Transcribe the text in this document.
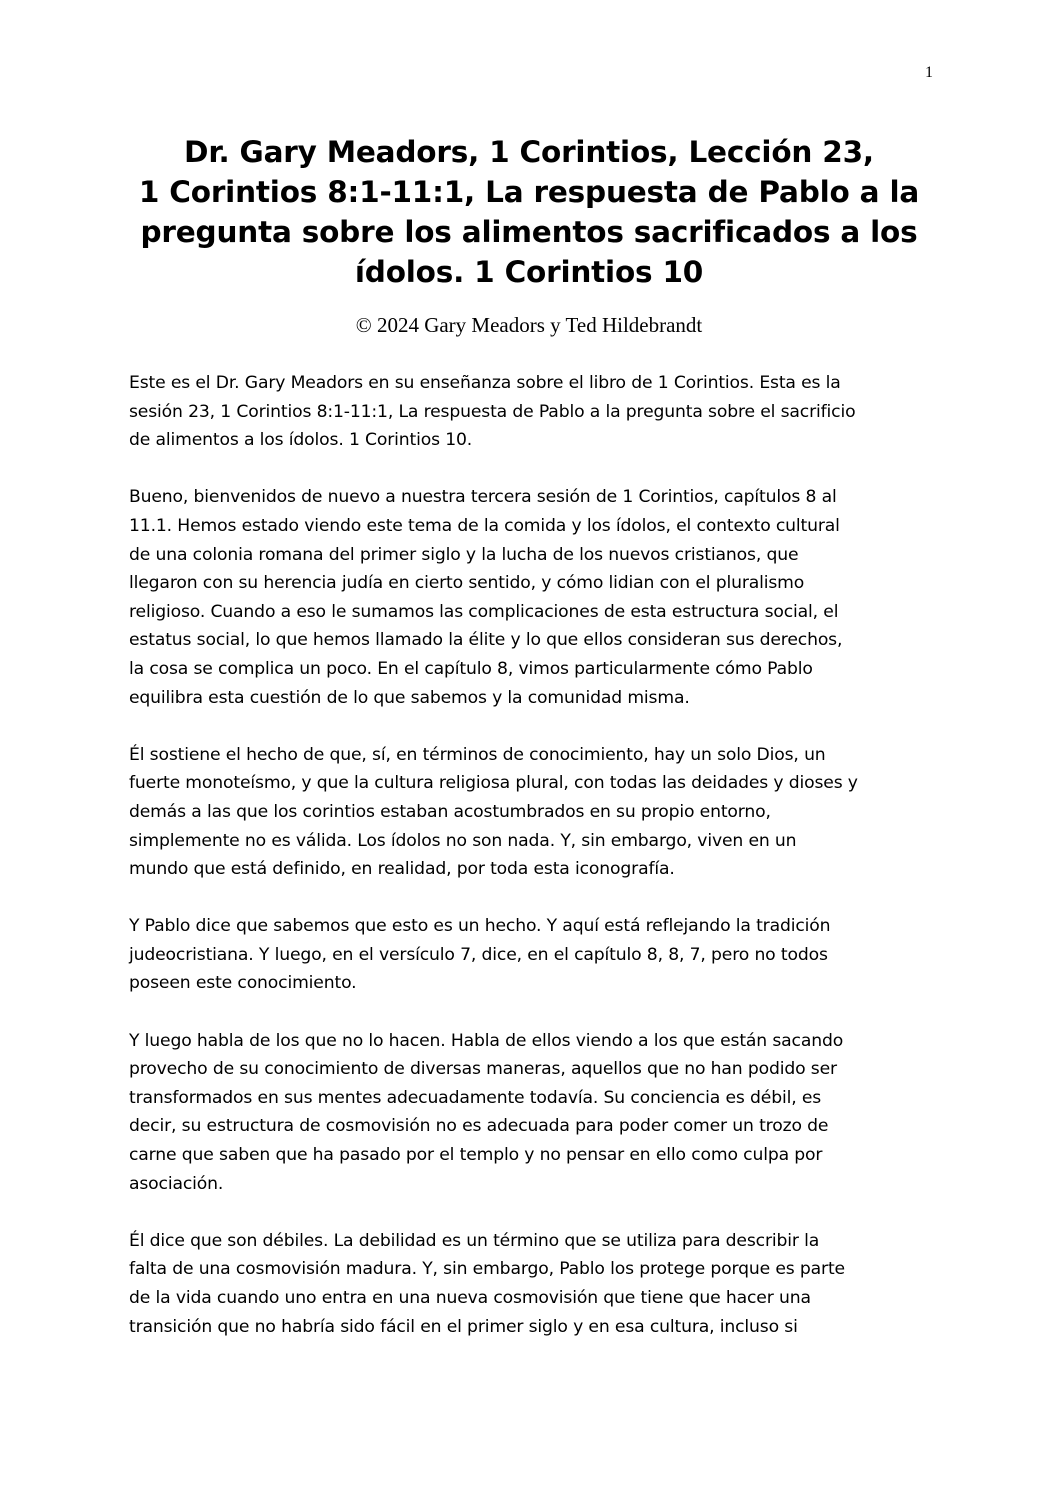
1
Dr. Gary Meadors, 1 Corintios, Lección 23,
1 Corintios 8:1-11:1, La respuesta de Pablo a la
pregunta sobre los alimentos sacrificados a los
ídolos. 1 Corintios 10
© 2024 Gary Meadors y Ted Hildebrandt

Este es el Dr. Gary Meadors en su enseñanza sobre el libro de 1 Corintios. Esta es la
sesión 23, 1 Corintios 8:1-11:1, La respuesta de Pablo a la pregunta sobre el sacrificio
de alimentos a los ídolos. 1 Corintios 10.

Bueno, bienvenidos de nuevo a nuestra tercera sesión de 1 Corintios, capítulos 8 al
11.1. Hemos estado viendo este tema de la comida y los ídolos, el contexto cultural
de una colonia romana del primer siglo y la lucha de los nuevos cristianos, que
llegaron con su herencia judía en cierto sentido, y cómo lidian con el pluralismo
religioso. Cuando a eso le sumamos las complicaciones de esta estructura social, el
estatus social, lo que hemos llamado la élite y lo que ellos consideran sus derechos,
la cosa se complica un poco. En el capítulo 8, vimos particularmente cómo Pablo
equilibra esta cuestión de lo que sabemos y la comunidad misma.

Él sostiene el hecho de que, sí, en términos de conocimiento, hay un solo Dios, un
fuerte monoteísmo, y que la cultura religiosa plural, con todas las deidades y dioses y
demás a las que los corintios estaban acostumbrados en su propio entorno,
simplemente no es válida. Los ídolos no son nada. Y, sin embargo, viven en un
mundo que está definido, en realidad, por toda esta iconografía.

Y Pablo dice que sabemos que esto es un hecho. Y aquí está reflejando la tradición
judeocristiana. Y luego, en el versículo 7, dice, en el capítulo 8, 8, 7, pero no todos
poseen este conocimiento.

Y luego habla de los que no lo hacen. Habla de ellos viendo a los que están sacando
provecho de su conocimiento de diversas maneras, aquellos que no han podido ser
transformados en sus mentes adecuadamente todavía. Su conciencia es débil, es
decir, su estructura de cosmovisión no es adecuada para poder comer un trozo de
carne que saben que ha pasado por el templo y no pensar en ello como culpa por
asociación.

Él dice que son débiles. La debilidad es un término que se utiliza para describir la
falta de una cosmovisión madura. Y, sin embargo, Pablo los protege porque es parte
de la vida cuando uno entra en una nueva cosmovisión que tiene que hacer una
transición que no habría sido fácil en el primer siglo y en esa cultura, incluso si
